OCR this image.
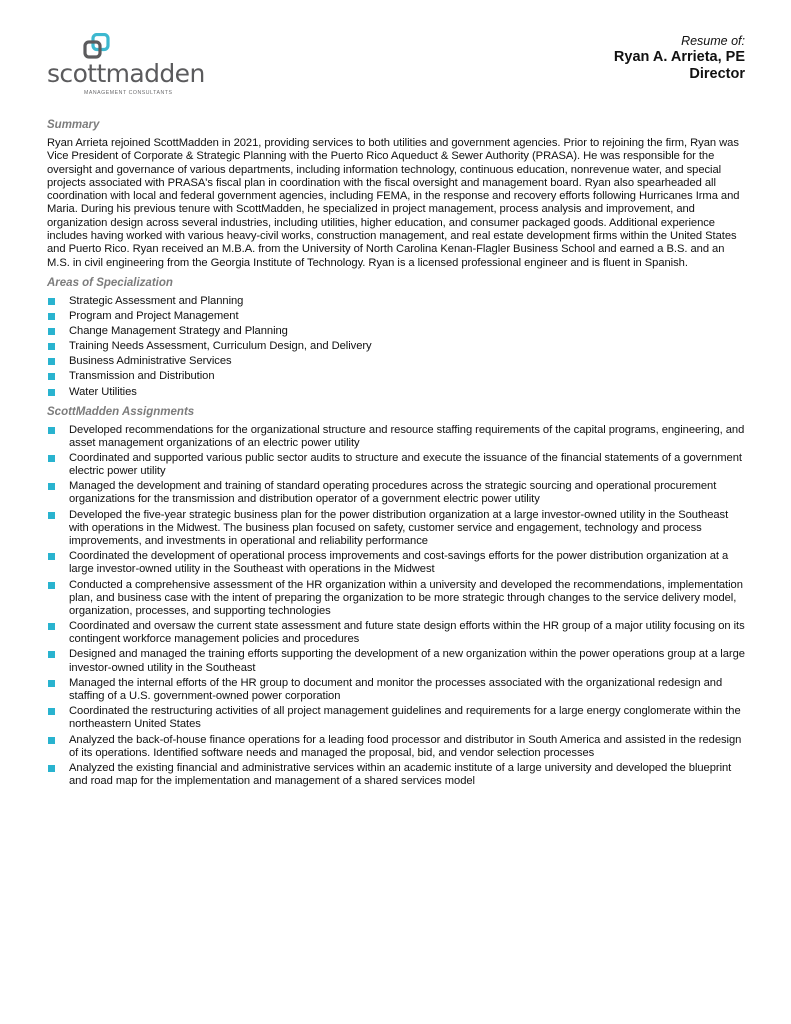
scottmadden
MANAGEMENT CONSULTANTS
Resume of:
Ryan A. Arrieta, PE
Director
Summary

Ryan Arrieta rejoined ScottMadden in 2021, providing services to both utilities and government agencies. Prior to rejoining the firm, Ryan was Vice President of Corporate & Strategic Planning with the Puerto Rico Aqueduct & Sewer Authority (PRASA). He was responsible for the oversight and governance of various departments, including information technology, continuous education, nonrevenue water, and special projects associated with PRASA's fiscal plan in coordination with the fiscal oversight and management board. Ryan also spearheaded all coordination with local and federal government agencies, including FEMA, in the response and recovery efforts following Hurricanes Irma and Maria. During his previous tenure with ScottMadden, he specialized in project management, process analysis and improvement, and organization design across several industries, including utilities, higher education, and consumer packaged goods. Additional experience includes having worked with various heavy-civil works, construction management, and real estate development firms within the United States and Puerto Rico. Ryan received an M.B.A. from the University of North Carolina Kenan-Flagler Business School and earned a B.S. and an M.S. in civil engineering from the Georgia Institute of Technology. Ryan is a licensed professional engineer and is fluent in Spanish.

Areas of Specialization
Strategic Assessment and Planning
Program and Project Management
Change Management Strategy and Planning
Training Needs Assessment, Curriculum Design, and Delivery
Business Administrative Services
Transmission and Distribution
Water Utilities
ScottMadden Assignments
Developed recommendations for the organizational structure and resource staffing requirements of the capital programs, engineering, and asset management organizations of an electric power utility
Coordinated and supported various public sector audits to structure and execute the issuance of the financial statements of a government electric power utility
Managed the development and training of standard operating procedures across the strategic sourcing and operational procurement organizations for the transmission and distribution operator of a government electric power utility
Developed the five-year strategic business plan for the power distribution organization at a large investor-owned utility in the Southeast with operations in the Midwest. The business plan focused on safety, customer service and engagement, technology and process improvements, and investments in operational and reliability performance
Coordinated the development of operational process improvements and cost-savings efforts for the power distribution organization at a large investor-owned utility in the Southeast with operations in the Midwest
Conducted a comprehensive assessment of the HR organization within a university and developed the recommendations, implementation plan, and business case with the intent of preparing the organization to be more strategic through changes to the service delivery model, organization, processes, and supporting technologies
Coordinated and oversaw the current state assessment and future state design efforts within the HR group of a major utility focusing on its contingent workforce management policies and procedures
Designed and managed the training efforts supporting the development of a new organization within the power operations group at a large investor-owned utility in the Southeast
Managed the internal efforts of the HR group to document and monitor the processes associated with the organizational redesign and staffing of a U.S. government-owned power corporation
Coordinated the restructuring activities of all project management guidelines and requirements for a large energy conglomerate within the northeastern United States
Analyzed the back-of-house finance operations for a leading food processor and distributor in South America and assisted in the redesign of its operations. Identified software needs and managed the proposal, bid, and vendor selection processes
Analyzed the existing financial and administrative services within an academic institute of a large university and developed the blueprint and road map for the implementation and management of a shared services model
